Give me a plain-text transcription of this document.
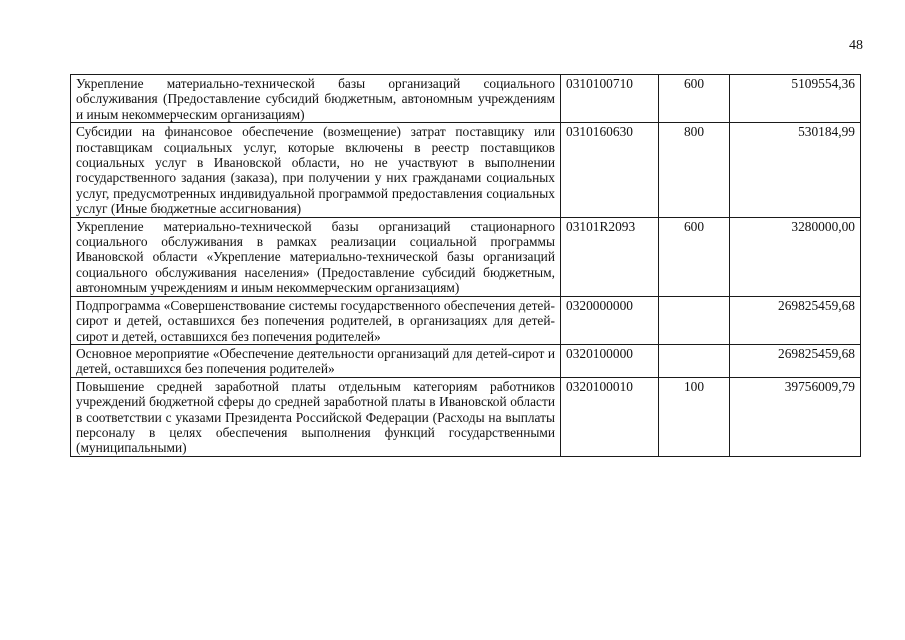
48
Укрепление материально-технической базы организаций социального обслуживания (Предоставление субсидий бюджетным, автономным учреждениям и иным некоммерческим организациям)	0310100710	600	5109554,36
Субсидии на финансовое обеспечение (возмещение) затрат поставщику или поставщикам социальных услуг, которые включены в реестр поставщиков социальных услуг в Ивановской области, но не участвуют в выполнении государственного задания (заказа), при получении у них гражданами социальных услуг, предусмотренных индивидуальной программой предоставления социальных услуг (Иные бюджетные ассигнования)	0310160630	800	530184,99
Укрепление материально-технической базы организаций стационарного социального обслуживания в рамках реализации социальной программы Ивановской области «Укрепление материально-технической базы организаций социального обслуживания населения» (Предоставление субсидий бюджетным, автономным учреждениям и иным некоммерческим организациям)	03101R2093	600	3280000,00
Подпрограмма «Совершенствование системы государственного обеспечения детей-сирот и детей, оставшихся без попечения родителей, в организациях для детей-сирот и детей, оставшихся без попечения родителей»	0320000000		269825459,68
Основное мероприятие «Обеспечение деятельности организаций для детей-сирот и детей, оставшихся без попечения родителей»	0320100000		269825459,68
Повышение средней заработной платы отдельным категориям работников учреждений бюджетной сферы до средней заработной платы в Ивановской области в соответствии с указами Президента Российской Федерации (Расходы на выплаты персоналу в целях обеспечения выполнения функций государственными (муниципальными)	0320100010	100	39756009,79
